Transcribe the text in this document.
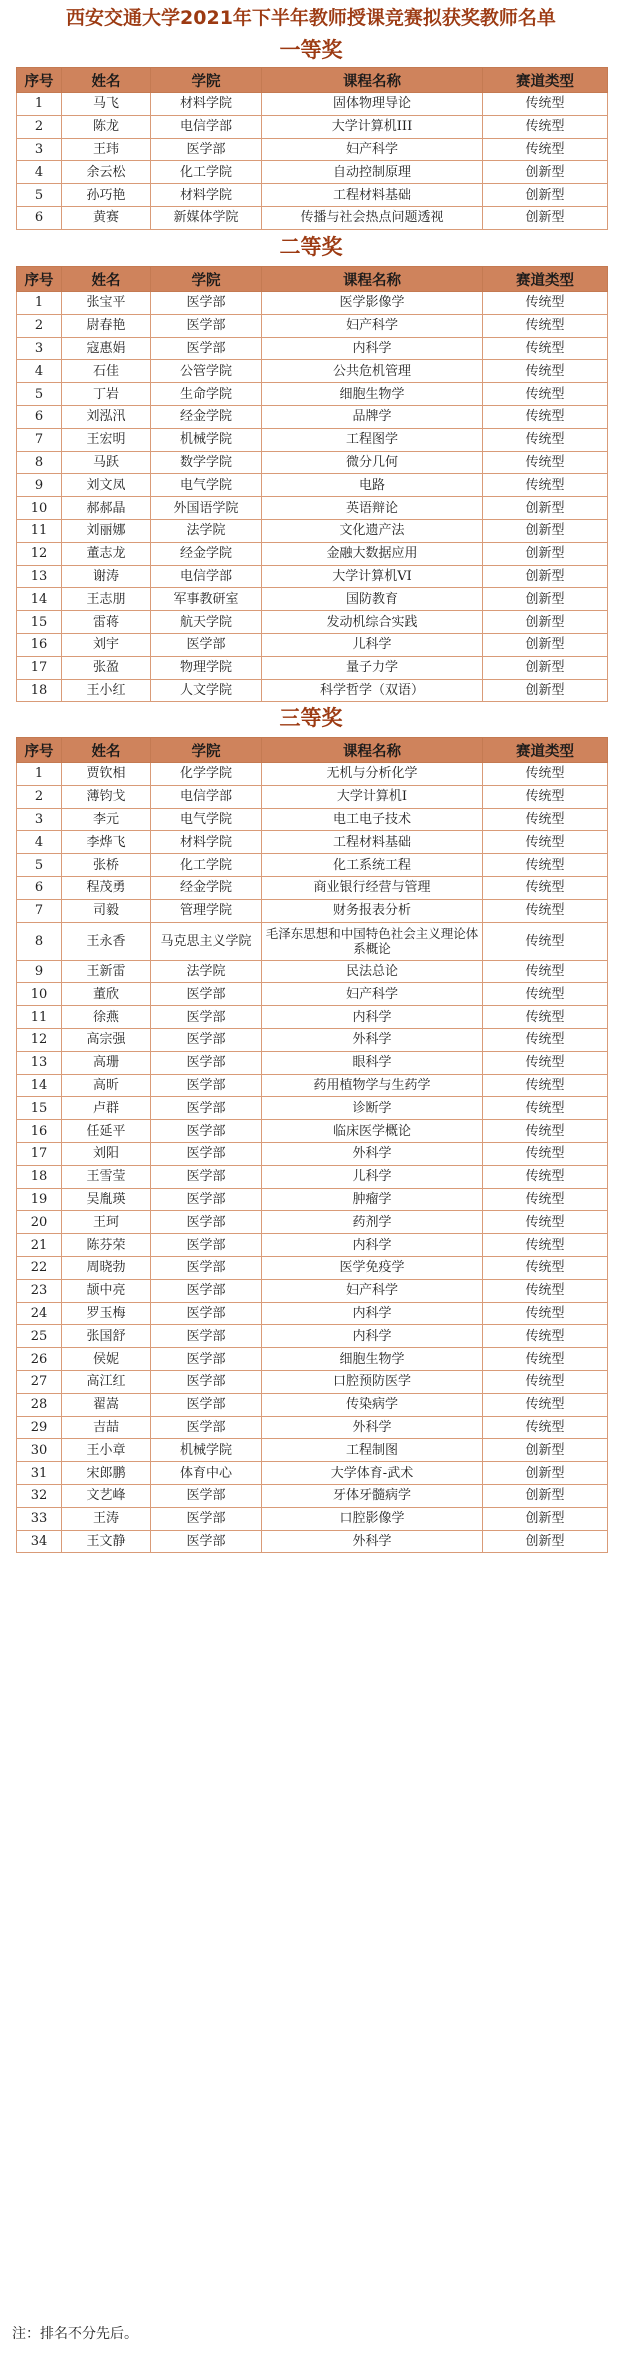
西安交通大学2021年下半年教师授课竞赛拟获奖教师名单
一等奖
序号	姓名	学院	课程名称	赛道类型
1	马飞	材料学院	固体物理导论	传统型
2	陈龙	电信学部	大学计算机III	传统型
3	王玮	医学部	妇产科学	传统型
4	余云松	化工学院	自动控制原理	创新型
5	孙巧艳	材料学院	工程材料基础	创新型
6	黄赛	新媒体学院	传播与社会热点问题透视	创新型
二等奖
序号	姓名	学院	课程名称	赛道类型
1	张宝平	医学部	医学影像学	传统型
2	尉春艳	医学部	妇产科学	传统型
3	寇惠娟	医学部	内科学	传统型
4	石佳	公管学院	公共危机管理	传统型
5	丁岩	生命学院	细胞生物学	传统型
6	刘泓汛	经金学院	品牌学	传统型
7	王宏明	机械学院	工程图学	传统型
8	马跃	数学学院	微分几何	传统型
9	刘文凤	电气学院	电路	传统型
10	郝郝晶	外国语学院	英语辩论	创新型
11	刘丽娜	法学院	文化遗产法	创新型
12	董志龙	经金学院	金融大数据应用	创新型
13	谢涛	电信学部	大学计算机VI	创新型
14	王志朋	军事教研室	国防教育	创新型
15	雷蒋	航天学院	发动机综合实践	创新型
16	刘宇	医学部	儿科学	创新型
17	张盈	物理学院	量子力学	创新型
18	王小红	人文学院	科学哲学（双语）	创新型
三等奖
序号	姓名	学院	课程名称	赛道类型
1	贾钦相	化学学院	无机与分析化学	传统型
2	薄钧戈	电信学部	大学计算机I	传统型
3	李元	电气学院	电工电子技术	传统型
4	李烨飞	材料学院	工程材料基础	传统型
5	张桥	化工学院	化工系统工程	传统型
6	程茂勇	经金学院	商业银行经营与管理	传统型
7	司毅	管理学院	财务报表分析	传统型
8	王永香	马克思主义学院	毛泽东思想和中国特色社会主义理论体系概论	传统型
9	王新雷	法学院	民法总论	传统型
10	董欣	医学部	妇产科学	传统型
11	徐燕	医学部	内科学	传统型
12	高宗强	医学部	外科学	传统型
13	高珊	医学部	眼科学	传统型
14	高昕	医学部	药用植物学与生药学	传统型
15	卢群	医学部	诊断学	传统型
16	任延平	医学部	临床医学概论	传统型
17	刘阳	医学部	外科学	传统型
18	王雪莹	医学部	儿科学	传统型
19	吴胤瑛	医学部	肿瘤学	传统型
20	王珂	医学部	药剂学	传统型
21	陈芬荣	医学部	内科学	传统型
22	周晓勃	医学部	医学免疫学	传统型
23	颉中亮	医学部	妇产科学	传统型
24	罗玉梅	医学部	内科学	传统型
25	张国舒	医学部	内科学	传统型
26	侯妮	医学部	细胞生物学	传统型
27	高江红	医学部	口腔预防医学	传统型
28	翟嵩	医学部	传染病学	传统型
29	吉喆	医学部	外科学	传统型
30	王小章	机械学院	工程制图	创新型
31	宋郎鹏	体育中心	大学体育-武术	创新型
32	文艺峰	医学部	牙体牙髓病学	创新型
33	王涛	医学部	口腔影像学	创新型
34	王文静	医学部	外科学	创新型
注：排名不分先后。
